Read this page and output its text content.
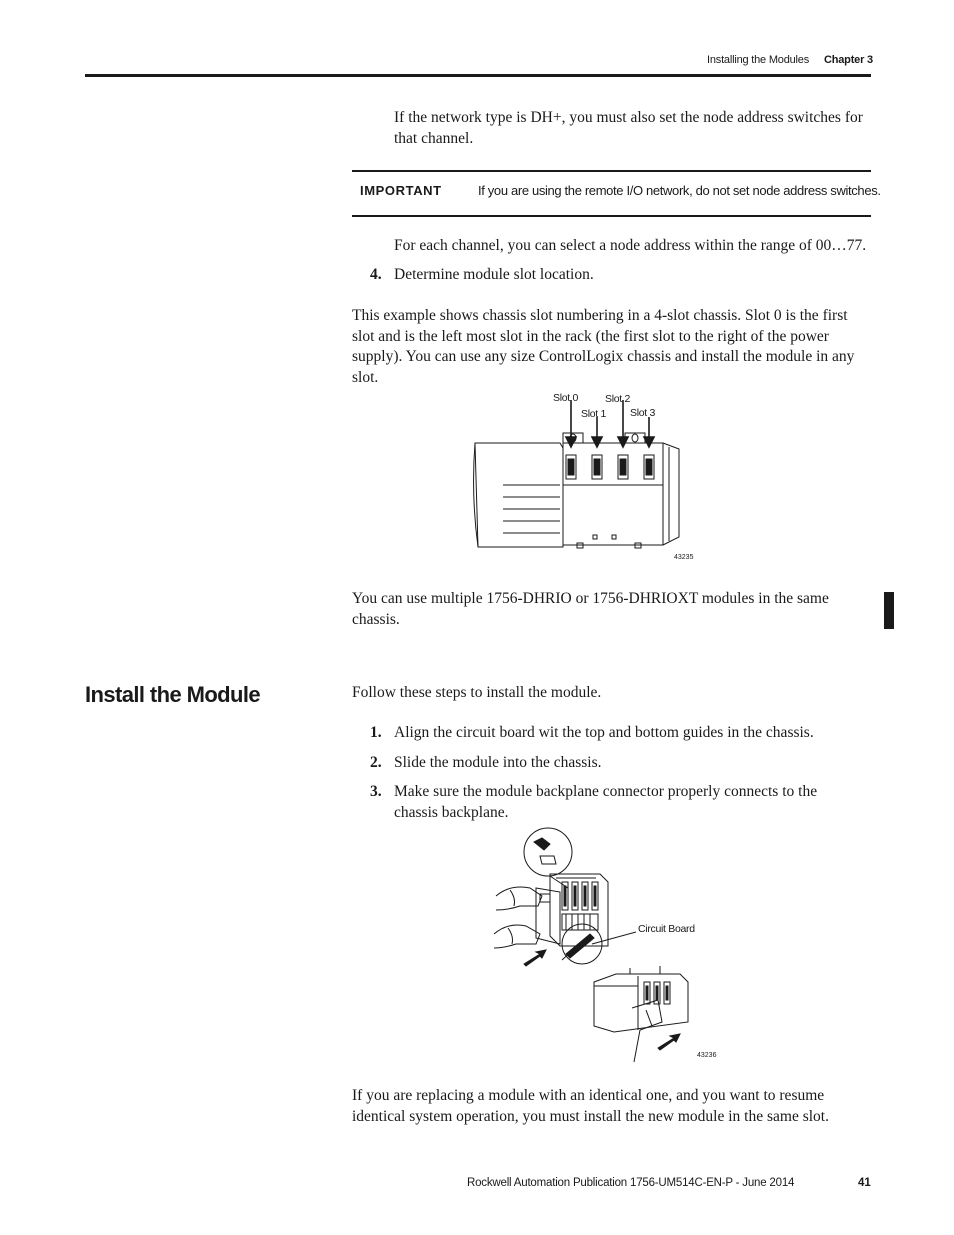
Installing the Modules Chapter 3
If the network type is DH+, you must also set the node address switches for that channel.
IMPORTANT	If you are using the remote I/O network, do not set node address switches.
For each channel, you can select a node address within the range of 00…77.
4. Determine module slot location.
This example shows chassis slot numbering in a 4-slot chassis. Slot 0 is the first slot and is the left most slot in the rack (the first slot to the right of the power supply). You can use any size ControlLogix chassis and install the module in any slot.
Slot 0
Slot 1
Slot 2
Slot 3
43235
You can use multiple 1756-DHRIO or 1756-DHRIOXT modules in the same chassis.
Install the Module	Follow these steps to install the module.
1. Align the circuit board wit the top and bottom guides in the chassis.
2. Slide the module into the chassis.
3. Make sure the module backplane connector properly connects to the chassis backplane.
Circuit Board
43236
If you are replacing a module with an identical one, and you want to resume identical system operation, you must install the new module in the same slot.
Rockwell Automation Publication 1756-UM514C-EN-P - June 2014	41
